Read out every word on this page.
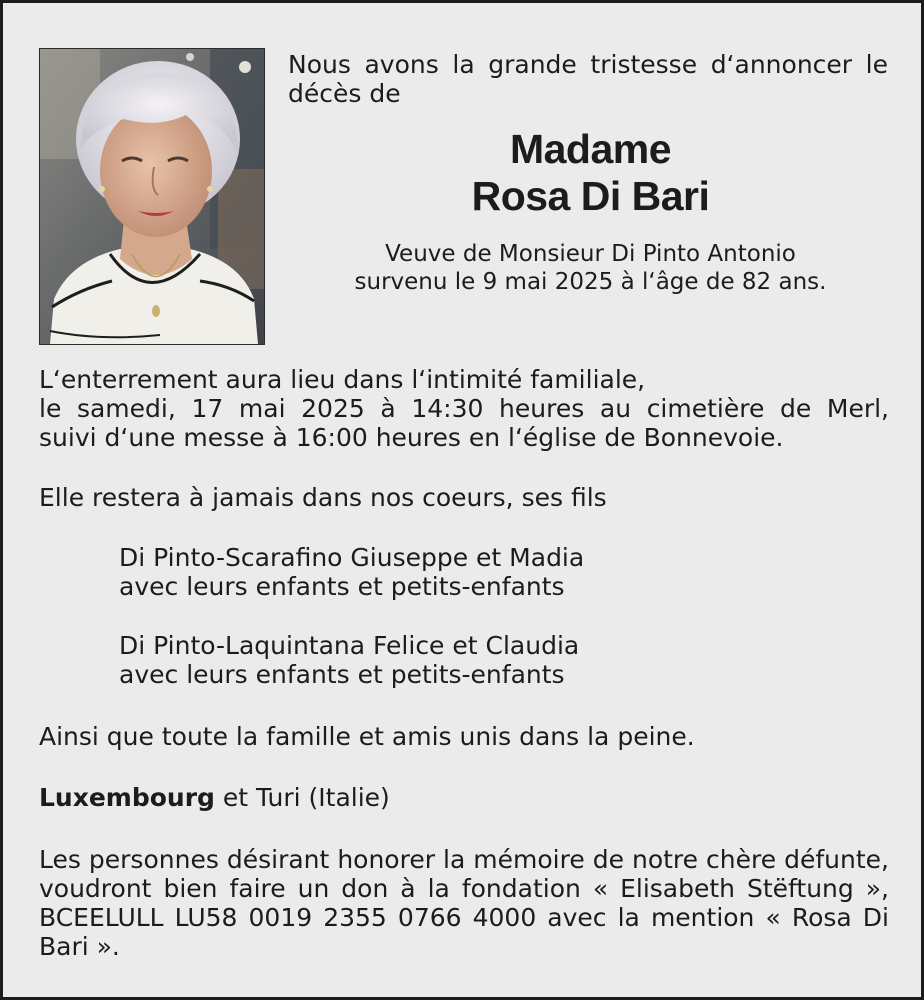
Nous avons la grande tristesse d‘annoncer le décès de

Madame
Rosa Di Bari

Veuve de Monsieur Di Pinto Antonio

survenu le 9 mai 2025 à l‘âge de 82 ans.

L‘enterrement aura lieu dans l‘intimité familiale,

le samedi, 17 mai 2025 à 14:30 heures au cimetière de Merl,

suivi d‘une messe à 16:00 heures en l‘église de Bonnevoie.

Elle restera à jamais dans nos coeurs, ses fils

Di Pinto-Scarafino Giuseppe et Madia

avec leurs enfants et petits-enfants

Di Pinto-Laquintana Felice et Claudia

avec leurs enfants et petits-enfants

Ainsi que toute la famille et amis unis dans la peine.

Luxembourg et Turi (Italie)

Les personnes désirant honorer la mémoire de notre chère défunte, voudront bien faire un don à la fondation « Elisabeth Stëftung », BCEELULL LU58 0019 2355 0766 4000 avec la mention « Rosa Di Bari ».
